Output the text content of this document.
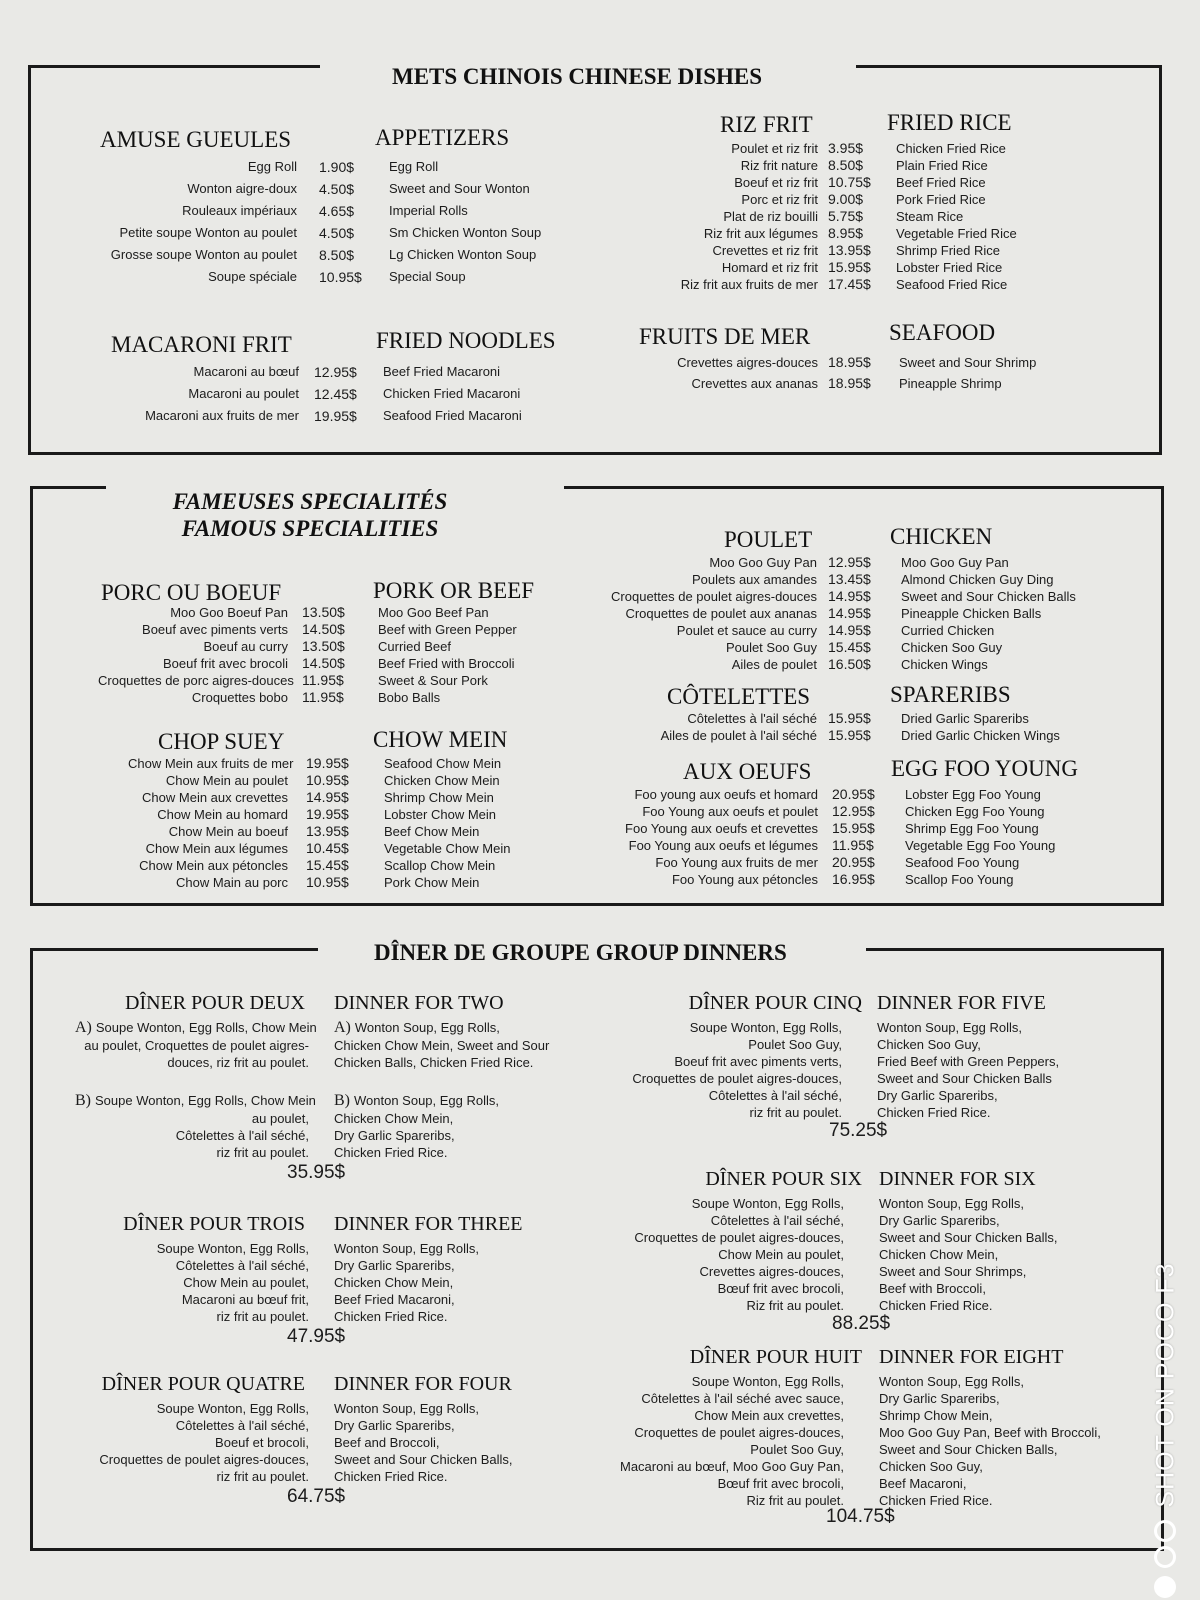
METS CHINOIS CHINESE DISHES
AMUSE GUEULES	APPETIZERS
Egg Roll	1.90$	Egg Roll
Wonton aigre-doux	4.50$	Sweet and Sour Wonton
Rouleaux impériaux	4.65$	Imperial Rolls
Petite soupe Wonton au poulet	4.50$	Sm Chicken Wonton Soup
Grosse soupe Wonton au poulet	8.50$	Lg Chicken Wonton Soup
Soupe spéciale	10.95$	Special Soup
RIZ FRIT	FRIED RICE
Poulet et riz frit 3.95$	Chicken Fried Rice
Riz frit nature 8.50$	Plain Fried Rice
Boeuf et riz frit 10.75$	Beef Fried Rice
Porc et riz frit 9.00$	Pork Fried Rice
Plat de riz bouilli 5.75$	Steam Rice
Riz frit aux légumes 8.95$	Vegetable Fried Rice
Crevettes et riz frit 13.95$	Shrimp Fried Rice
Homard et riz frit 15.95$	Lobster Fried Rice
Riz frit aux fruits de mer 17.45$	Seafood Fried Rice
MACARONI FRIT	FRIED NOODLES
Macaroni au bœuf	12.95$	Beef Fried Macaroni
Macaroni au poulet	12.45$	Chicken Fried Macaroni
Macaroni aux fruits de mer	19.95$	Seafood Fried Macaroni
FRUITS DE MER	SEAFOOD
Crevettes aigres-douces 18.95$	Sweet and Sour Shrimp
Crevettes aux ananas 18.95$	Pineapple Shrimp
FAMEUSES SPECIALITÉS
FAMOUS SPECIALITIES
PORC OU BOEUF	PORK OR BEEF
Moo Goo Boeuf Pan	13.50$	Moo Goo Beef Pan
Boeuf avec piments verts	14.50$	Beef with Green Pepper
Boeuf au curry	13.50$	Curried Beef
Boeuf frit avec brocoli	14.50$	Beef Fried with Broccoli
Croquettes de porc aigres-douces 11.95$	Sweet & Sour Pork
Croquettes bobo	11.95$	Bobo Balls
CHOP SUEY	CHOW MEIN
Chow Mein aux fruits de mer 19.95$	Seafood Chow Mein
Chow Mein au poulet	10.95$	Chicken Chow Mein
Chow Mein aux crevettes	14.95$	Shrimp Chow Mein
Chow Mein au homard	19.95$	Lobster Chow Mein
Chow Mein au boeuf	13.95$	Beef Chow Mein
Chow Mein aux légumes	10.45$	Vegetable Chow Mein
Chow Mein aux pétoncles	15.45$	Scallop Chow Mein
Chow Main au porc	10.95$	Pork Chow Mein
POULET	CHICKEN
Moo Goo Guy Pan 12.95$	Moo Goo Guy Pan
Poulets aux amandes 13.45$	Almond Chicken Guy Ding
Croquettes de poulet aigres-douces 14.95$	Sweet and Sour Chicken Balls
Croquettes de poulet aux ananas 14.95$	Pineapple Chicken Balls
Poulet et sauce au curry 14.95$	Curried Chicken
Poulet Soo Guy 15.45$	Chicken Soo Guy
Ailes de poulet 16.50$	Chicken Wings
CÔTELETTES	SPARERIBS
Côtelettes à l'ail séché 15.95$	Dried Garlic Spareribs
Ailes de poulet à l'ail séché 15.95$	Dried Garlic Chicken Wings
AUX OEUFS	EGG FOO YOUNG
Foo young aux oeufs et homard	20.95$	Lobster Egg Foo Young
Foo Young aux oeufs et poulet	12.95$	Chicken Egg Foo Young
Foo Young aux oeufs et crevettes	15.95$	Shrimp Egg Foo Young
Foo Young aux oeufs et légumes	11.95$	Vegetable Egg Foo Young
Foo Young aux fruits de mer	20.95$	Seafood Foo Young
Foo Young aux pétoncles	16.95$	Scallop Foo Young
DÎNER DE GROUPE GROUP DINNERS
DÎNER POUR DEUX DINNER FOR TWO
A) Soupe Wonton, Egg Rolls, Chow Mein
au poulet, Croquettes de poulet aigres-
douces, riz frit au poulet.
A) Wonton Soup, Egg Rolls,
Chicken Chow Mein, Sweet and Sour
Chicken Balls, Chicken Fried Rice.
B) Soupe Wonton, Egg Rolls, Chow Mein
au poulet,
Côtelettes à l'ail séché,
riz frit au poulet.
B) Wonton Soup, Egg Rolls,
Chicken Chow Mein,
Dry Garlic Spareribs,
Chicken Fried Rice.
35.95$
DÎNER POUR TROIS DINNER FOR THREE
Soupe Wonton, Egg Rolls,
Côtelettes à l'ail séché,
Chow Mein au poulet,
Macaroni au bœuf frit,
riz frit au poulet.
Wonton Soup, Egg Rolls,
Dry Garlic Spareribs,
Chicken Chow Mein,
Beef Fried Macaroni,
Chicken Fried Rice.
47.95$
DÎNER POUR QUATRE DINNER FOR FOUR
Soupe Wonton, Egg Rolls,
Côtelettes à l'ail séché,
Boeuf et brocoli,
Croquettes de poulet aigres-douces,
riz frit au poulet.
Wonton Soup, Egg Rolls,
Dry Garlic Spareribs,
Beef and Broccoli,
Sweet and Sour Chicken Balls,
Chicken Fried Rice.
64.75$
DÎNER POUR CINQ DINNER FOR FIVE
Soupe Wonton, Egg Rolls,
Poulet Soo Guy,
Boeuf frit avec piments verts,
Croquettes de poulet aigres-douces,
Côtelettes à l'ail séché,
riz frit au poulet.
Wonton Soup, Egg Rolls,
Chicken Soo Guy,
Fried Beef with Green Peppers,
Sweet and Sour Chicken Balls
Dry Garlic Spareribs,
Chicken Fried Rice.
75.25$
DÎNER POUR SIX DINNER FOR SIX
Soupe Wonton, Egg Rolls,
Côtelettes à l'ail séché,
Croquettes de poulet aigres-douces,
Chow Mein au poulet,
Crevettes aigres-douces,
Bœuf frit avec brocoli,
Riz frit au poulet.
Wonton Soup, Egg Rolls,
Dry Garlic Spareribs,
Sweet and Sour Chicken Balls,
Chicken Chow Mein,
Sweet and Sour Shrimps,
Beef with Broccoli,
Chicken Fried Rice.
88.25$
DÎNER POUR HUIT DINNER FOR EIGHT
Soupe Wonton, Egg Rolls,
Côtelettes à l'ail séché avec sauce,
Chow Mein aux crevettes,
Croquettes de poulet aigres-douces,
Poulet Soo Guy,
Macaroni au bœuf, Moo Goo Guy Pan,
Bœuf frit avec brocoli,
Riz frit au poulet.
Wonton Soup, Egg Rolls,
Dry Garlic Spareribs,
Shrimp Chow Mein,
Moo Goo Guy Pan, Beef with Broccoli,
Sweet and Sour Chicken Balls,
Chicken Soo Guy,
Beef Macaroni,
Chicken Fried Rice.
104.75$
SHOT ON POCO F3
